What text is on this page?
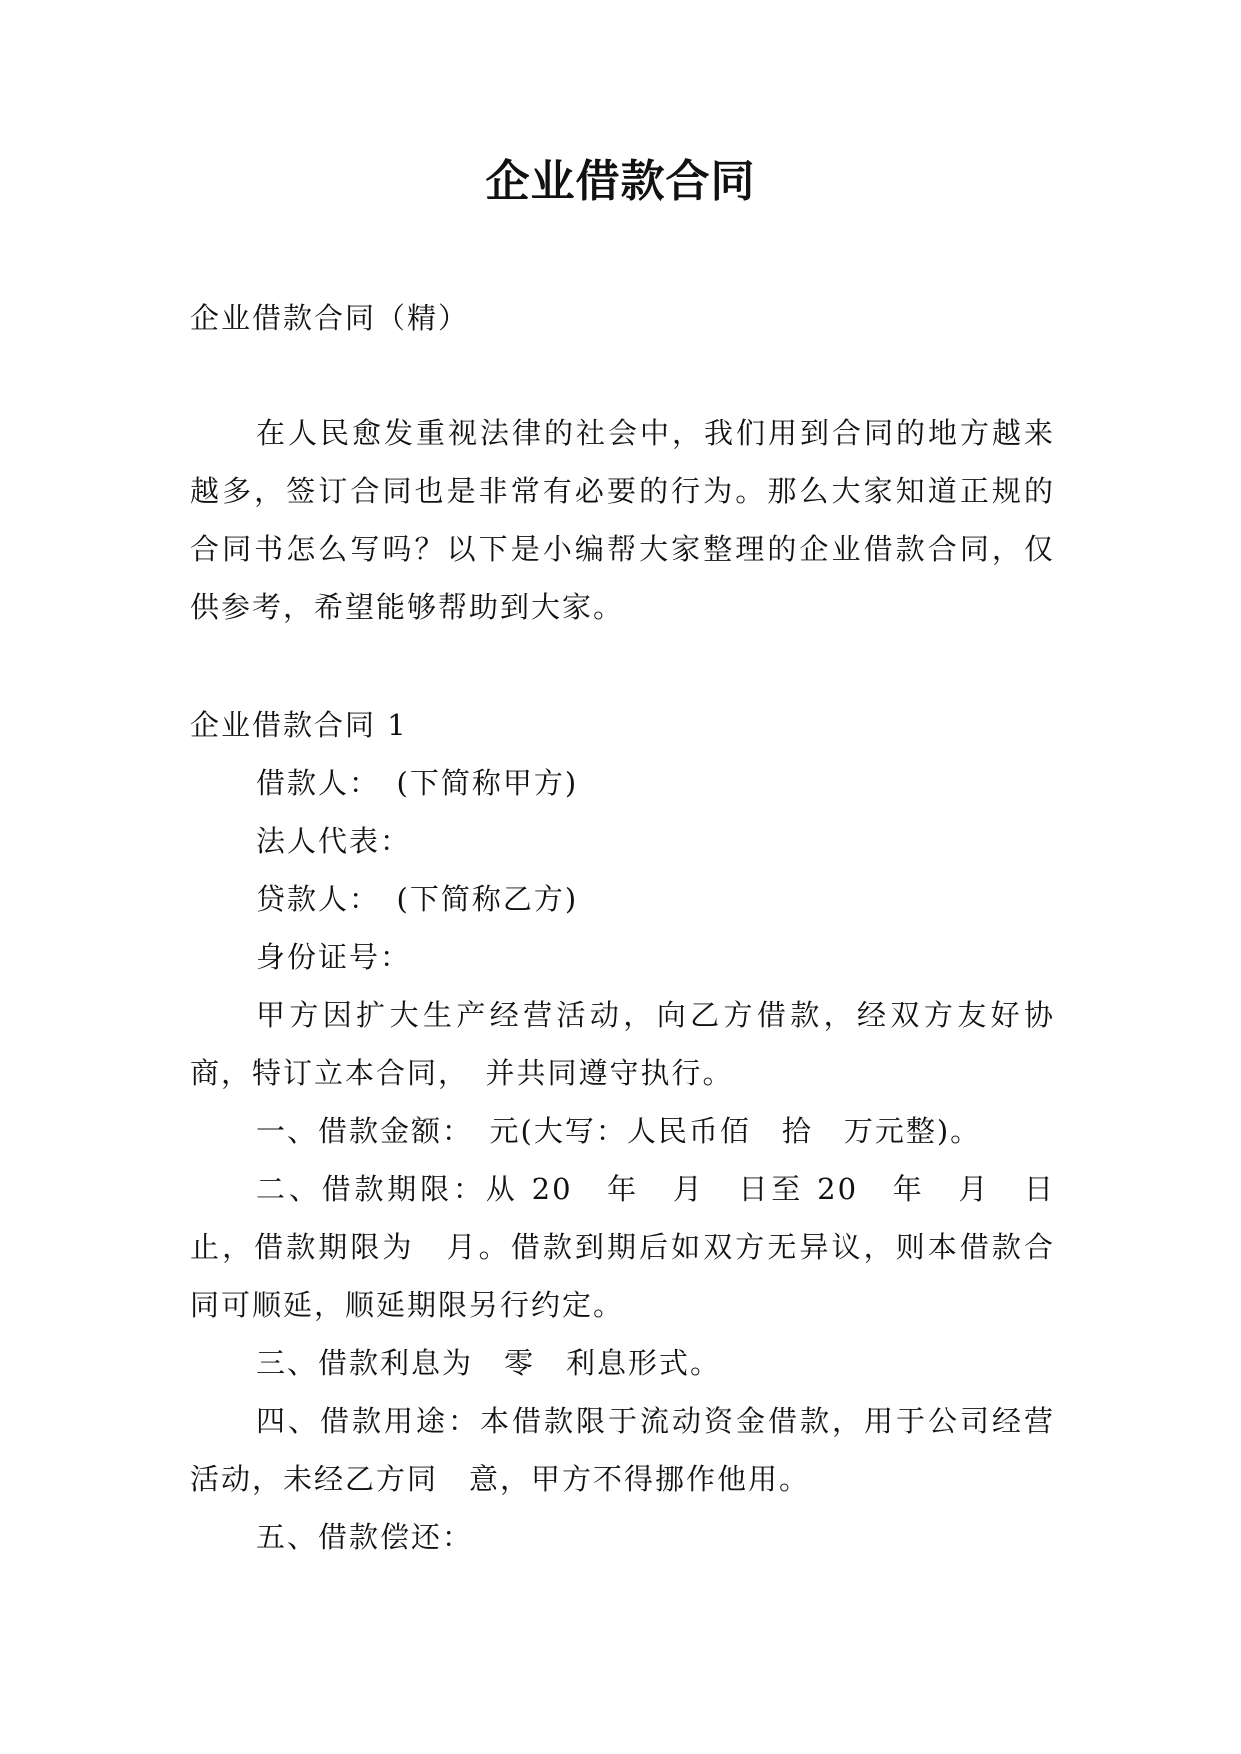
企业借款合同

企业借款合同（精）

在人民愈发重视法律的社会中，我们用到合同的地方越来越多，签订合同也是非常有必要的行为。那么大家知道正规的合同书怎么写吗？以下是小编帮大家整理的企业借款合同，仅供参考，希望能够帮助到大家。

企业借款合同 1

借款人：　(下简称甲方)

法人代表：

贷款人：　(下简称乙方)

身份证号：

甲方因扩大生产经营活动，向乙方借款，经双方友好协商，特订立本合同，　并共同遵守执行。

一、借款金额：　元(大写：人民币佰　拾　万元整)。

二、借款期限：从 20　年　月　日至 20　年　月　日止，借款期限为　月。借款到期后如双方无异议，则本借款合同可顺延，顺延期限另行约定。

三、借款利息为　零　利息形式。

四、借款用途：本借款限于流动资金借款，用于公司经营活动，未经乙方同　意，甲方不得挪作他用。

五、借款偿还：
